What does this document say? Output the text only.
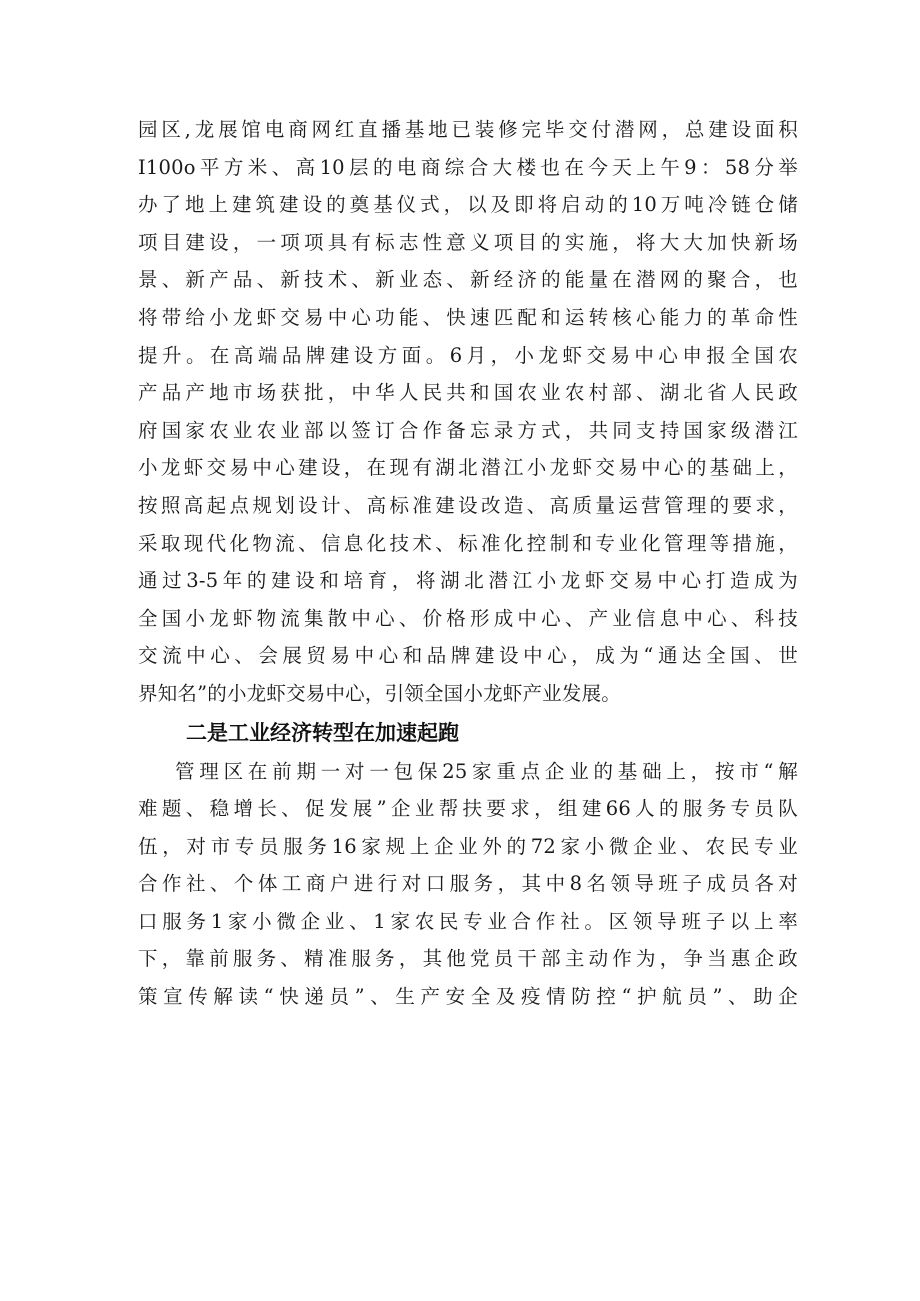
园区,龙展馆电商网红直播基地已装修完毕交付潜网，总建设面积
I100o平方米、高10层的电商综合大楼也在今天上午9：58分举
办了地上建筑建设的奠基仪式，以及即将启动的10万吨冷链仓储
项目建设，一项项具有标志性意义项目的实施，将大大加快新场
景、新产品、新技术、新业态、新经济的能量在潜网的聚合，也
将带给小龙虾交易中心功能、快速匹配和运转核心能力的革命性
提升。在高端品牌建设方面。6月，小龙虾交易中心申报全国农
产品产地市场获批，中华人民共和国农业农村部、湖北省人民政
府国家农业农业部以签订合作备忘录方式，共同支持国家级潜江
小龙虾交易中心建设，在现有湖北潜江小龙虾交易中心的基础上，
按照高起点规划设计、高标准建设改造、高质量运营管理的要求，
采取现代化物流、信息化技术、标准化控制和专业化管理等措施，
通过3-5年的建设和培育，将湖北潜江小龙虾交易中心打造成为
全国小龙虾物流集散中心、价格形成中心、产业信息中心、科技
交流中心、会展贸易中心和品牌建设中心，成为“通达全国、世
界知名”的小龙虾交易中心，引领全国小龙虾产业发展。
二是工业经济转型在加速起跑
管理区在前期一对一包保25家重点企业的基础上，按市“解
难题、稳增长、促发展”企业帮扶要求，组建66人的服务专员队
伍，对市专员服务16家规上企业外的72家小微企业、农民专业
合作社、个体工商户进行对口服务，其中8名领导班子成员各对
口服务1家小微企业、1家农民专业合作社。区领导班子以上率
下，靠前服务、精准服务，其他党员干部主动作为，争当惠企政
策宣传解读“快递员”、生产安全及疫情防控“护航员”、助企
